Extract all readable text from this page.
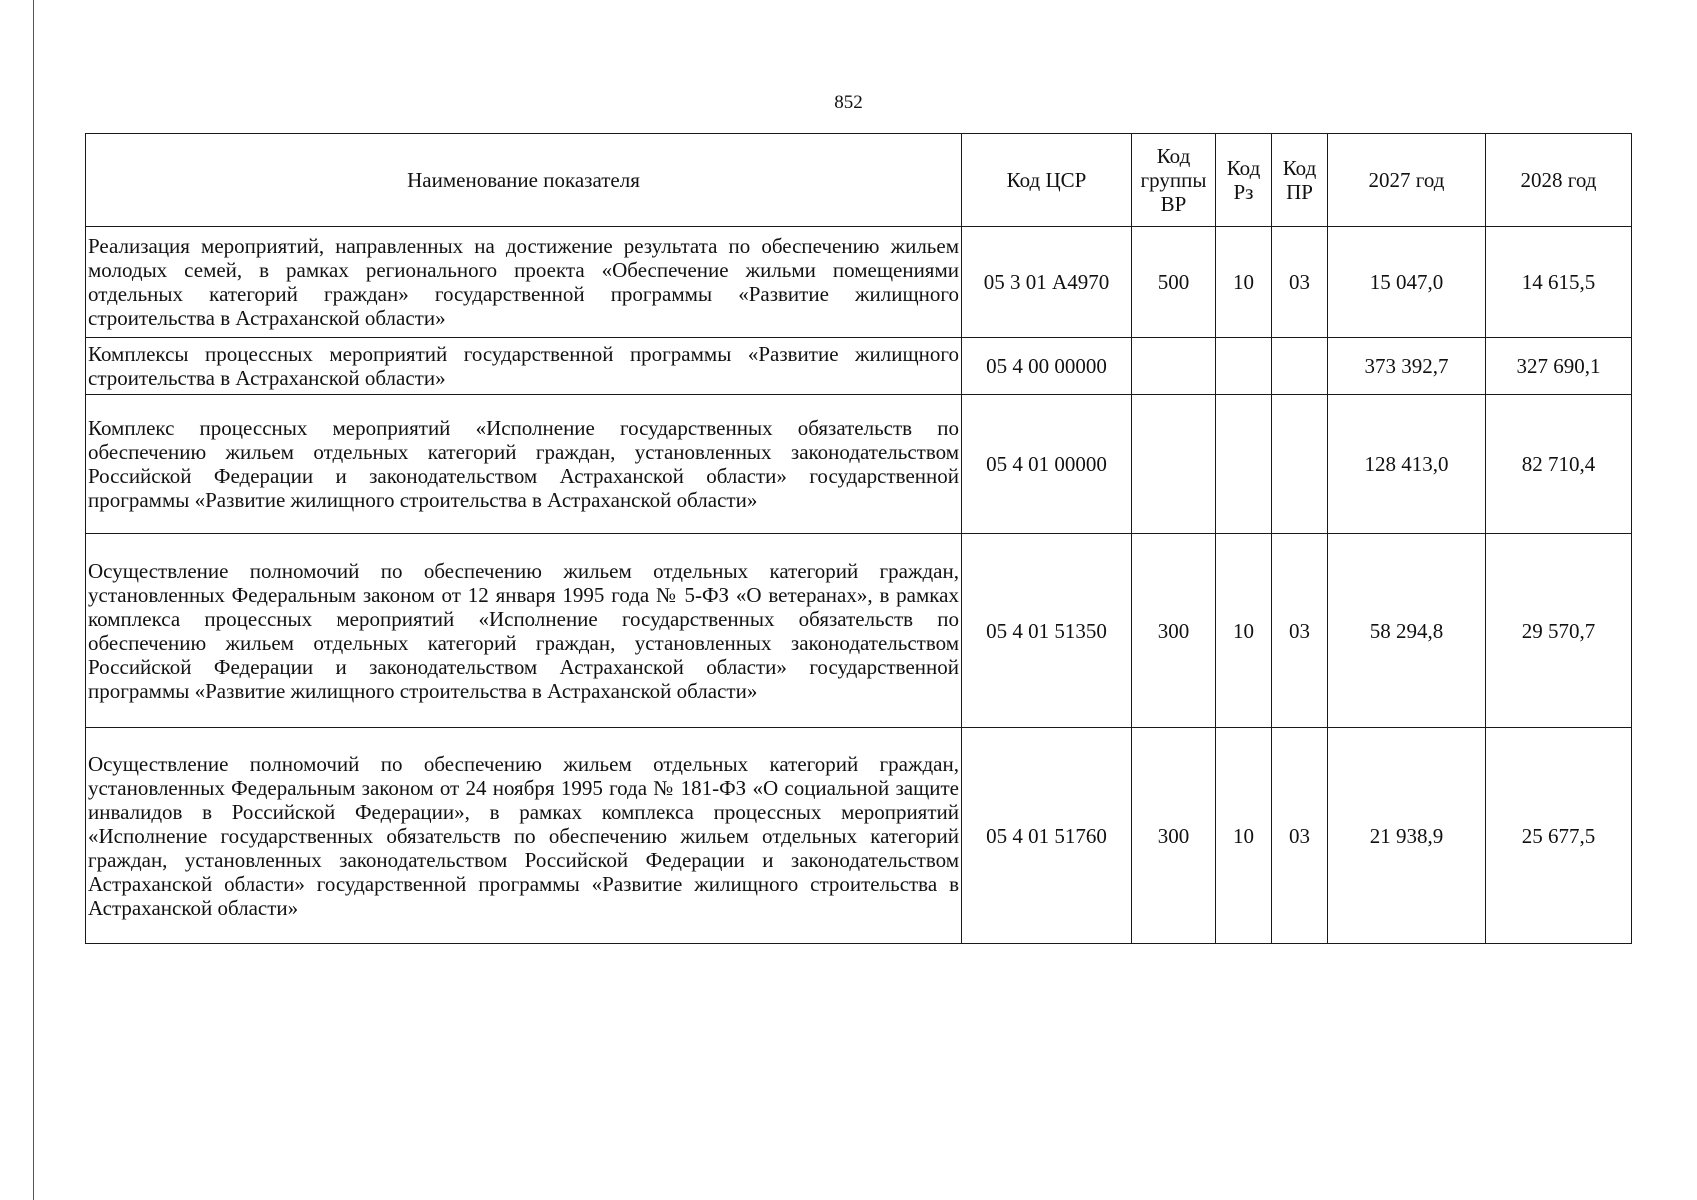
852
Наименование показателя	Код ЦСР	Код группы ВР	Код Рз	Код ПР	2027 год	2028 год
Реализация мероприятий, направленных на достижение результата по обеспечению жильем молодых семей, в рамках регионального проекта «Обеспечение жильми помещениями отдельных категорий граждан» государственной программы «Развитие жилищного строительства в Астраханской области»	05 3 01 А4970	500	10	03	15 047,0	14 615,5
Комплексы процессных мероприятий государственной программы «Развитие жилищного строительства в Астраханской области»	05 4 00 00000				373 392,7	327 690,1
Комплекс процессных мероприятий «Исполнение государственных обязательств по обеспечению жильем отдельных категорий граждан, установленных законодательством Российской Федерации и законодательством Астраханской области» государственной программы «Развитие жилищного строительства в Астраханской области»	05 4 01 00000				128 413,0	82 710,4
Осуществление полномочий по обеспечению жильем отдельных категорий граждан, установленных Федеральным законом от 12 января 1995 года № 5-ФЗ «О ветеранах», в рамках комплекса процессных мероприятий «Исполнение государственных обязательств по обеспечению жильем отдельных категорий граждан, установленных законодательством Российской Федерации и законодательством Астраханской области» государственной программы «Развитие жилищного строительства в Астраханской области»	05 4 01 51350	300	10	03	58 294,8	29 570,7
Осуществление полномочий по обеспечению жильем отдельных категорий граждан, установленных Федеральным законом от 24 ноября 1995 года № 181-ФЗ «О социальной защите инвалидов в Российской Федерации», в рамках комплекса процессных мероприятий «Исполнение государственных обязательств по обеспечению жильем отдельных категорий граждан, установленных законодательством Российской Федерации и законодательством Астраханской области» государственной программы «Развитие жилищного строительства в Астраханской области»	05 4 01 51760	300	10	03	21 938,9	25 677,5
